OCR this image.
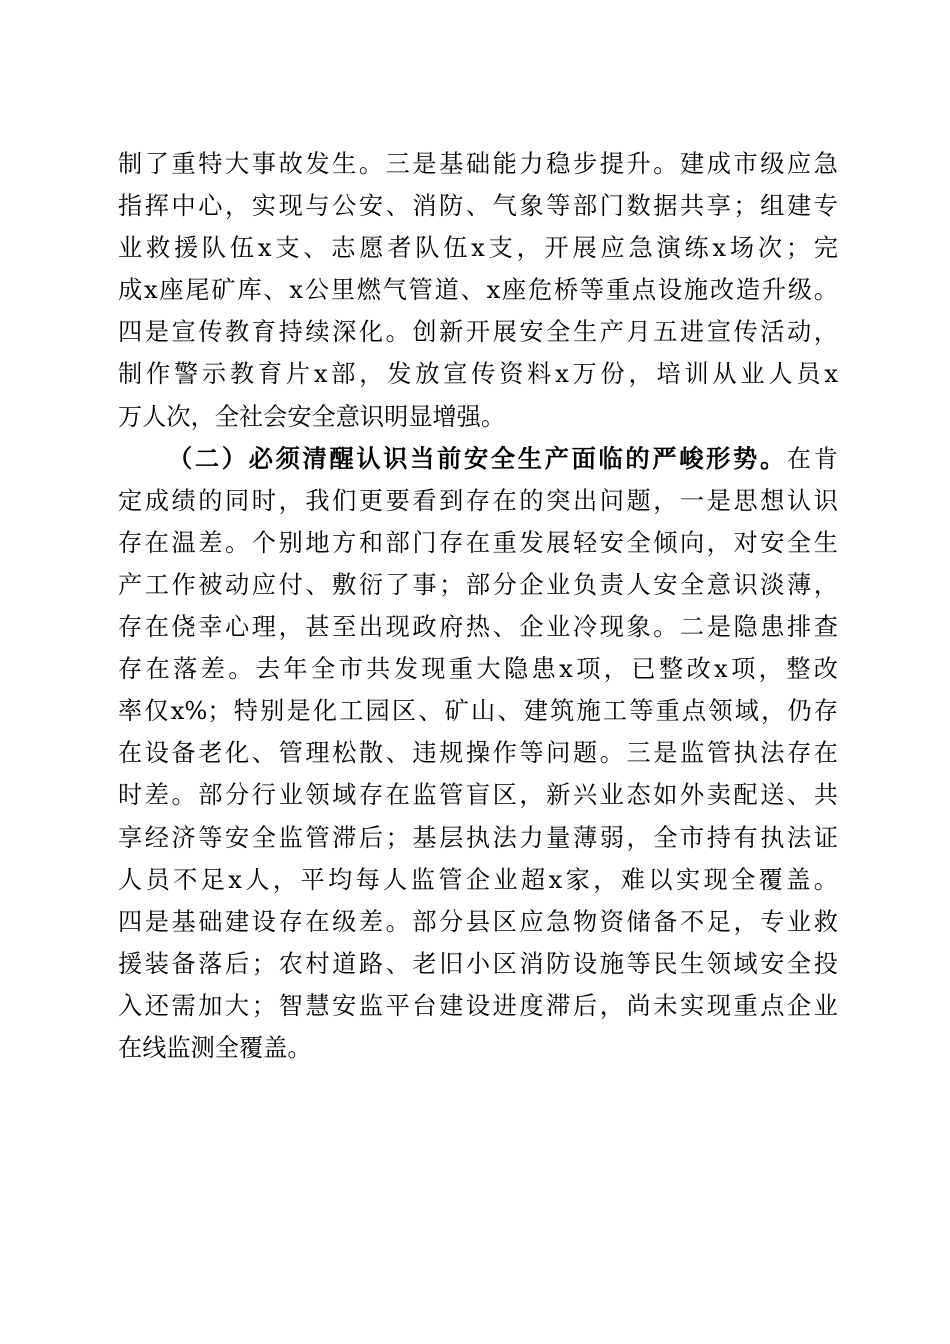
制了重特大事故发生。三是基础能力稳步提升。建成市级应急
指挥中心，实现与公安、消防、气象等部门数据共享；组建专
业救援队伍x支、志愿者队伍x支，开展应急演练x场次；完
成x座尾矿库、x公里燃气管道、x座危桥等重点设施改造升级。
四是宣传教育持续深化。创新开展安全生产月五进宣传活动，
制作警示教育片x部，发放宣传资料x万份，培训从业人员x
万人次，全社会安全意识明显增强。
（二）必须清醒认识当前安全生产面临的严峻形势。在肯
定成绩的同时，我们更要看到存在的突出问题，一是思想认识
存在温差。个别地方和部门存在重发展轻安全倾向，对安全生
产工作被动应付、敷衍了事；部分企业负责人安全意识淡薄，
存在侥幸心理，甚至出现政府热、企业冷现象。二是隐患排查
存在落差。去年全市共发现重大隐患x项，已整改x项，整改
率仅x%；特别是化工园区、矿山、建筑施工等重点领域，仍存
在设备老化、管理松散、违规操作等问题。三是监管执法存在
时差。部分行业领域存在监管盲区，新兴业态如外卖配送、共
享经济等安全监管滞后；基层执法力量薄弱，全市持有执法证
人员不足x人，平均每人监管企业超x家，难以实现全覆盖。
四是基础建设存在级差。部分县区应急物资储备不足，专业救
援装备落后；农村道路、老旧小区消防设施等民生领域安全投
入还需加大；智慧安监平台建设进度滞后，尚未实现重点企业
在线监测全覆盖。
